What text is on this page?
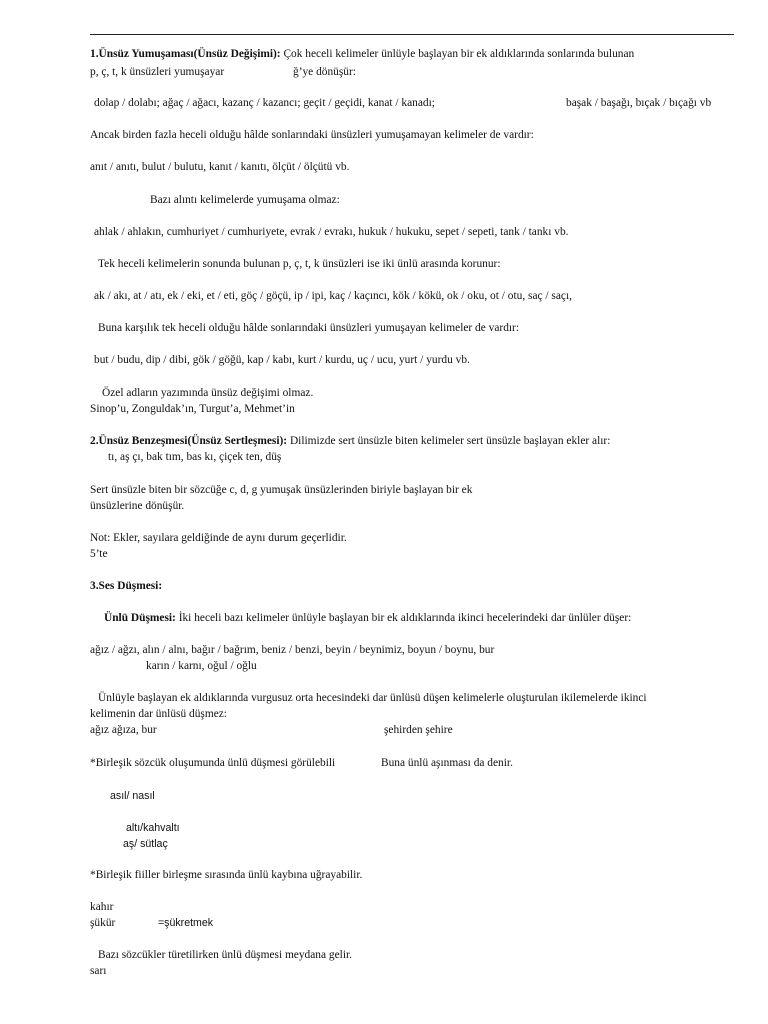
1.Ünsüz Yumuşaması(Ünsüz Değişimi): Çok heceli kelimeler ünlüyle başlayan bir ek aldıklarında sonlarında bulunan
p, ç, t, k ünsüzleri yumuşayar	ğ’ye dönüşür:
dolap / dolabı; ağaç / ağacı, kazanç / kazancı; geçit / geçidi, kanat / kanadı;	başak / başağı, bıçak / bıçağı vb
Ancak birden fazla heceli olduğu hâlde sonlarındaki ünsüzleri yumuşamayan kelimeler de vardır:
anıt / anıtı, bulut / bulutu, kanıt / kanıtı, ölçüt / ölçütü vb.
Bazı alıntı kelimelerde yumuşama olmaz:
ahlak / ahlakın, cumhuriyet / cumhuriyete, evrak / evrakı, hukuk / hukuku, sepet / sepeti, tank / tankı vb.
Tek heceli kelimelerin sonunda bulunan p, ç, t, k ünsüzleri ise iki ünlü arasında korunur:
ak / akı, at / atı, ek / eki, et / eti, göç / göçü, ip / ipi, kaç / kaçıncı, kök / kökü, ok / oku, ot / otu, saç / saçı,
Buna karşılık tek heceli olduğu hâlde sonlarındaki ünsüzleri yumuşayan kelimeler de vardır:
but / budu, dip / dibi, gök / göğü, kap / kabı, kurt / kurdu, uç / ucu, yurt / yurdu vb.
Özel adların yazımında ünsüz değişimi olmaz.
Sinop’u, Zonguldak’ın, Turgut’a, Mehmet’in
2.Ünsüz Benzeşmesi(Ünsüz Sertleşmesi): Dilimizde sert ünsüzle biten kelimeler sert ünsüzle başlayan ekler alır:
tı, aş çı, bak tım, bas kı, çiçek ten, düş
Sert ünsüzle biten bir sözcüğe c, d, g yumuşak ünsüzlerinden biriyle başlayan bir ek
ünsüzlerine dönüşür.
Not: Ekler, sayılara geldiğinde de aynı durum geçerlidir.
5’te
3.Ses Düşmesi:
Ünlü Düşmesi: İki heceli bazı kelimeler ünlüyle başlayan bir ek aldıklarında ikinci hecelerindeki dar ünlüler düşer:
ağız / ağzı, alın / alnı, bağır / bağrım, beniz / benzi, beyin / beynimiz, boyun / boynu, bur
karın / karnı, oğul / oğlu
Ünlüyle başlayan ek aldıklarında vurgusuz orta hecesindeki dar ünlüsü düşen kelimelerle oluşturulan ikilemelerde ikinci
kelimenin dar ünlüsü düşmez:
ağız ağıza, bur	şehirden şehire
*Birleşik sözcük oluşumunda ünlü düşmesi görülebili	Buna ünlü aşınması da denir.
asıl/ nasıl
altı/kahvaltı
aş/ sütlaç
*Birleşik fiiller birleşme sırasında ünlü kaybına uğrayabilir.
kahır
şükür	=şükretmek
Bazı sözcükler türetilirken ünlü düşmesi meydana gelir.
sarı
